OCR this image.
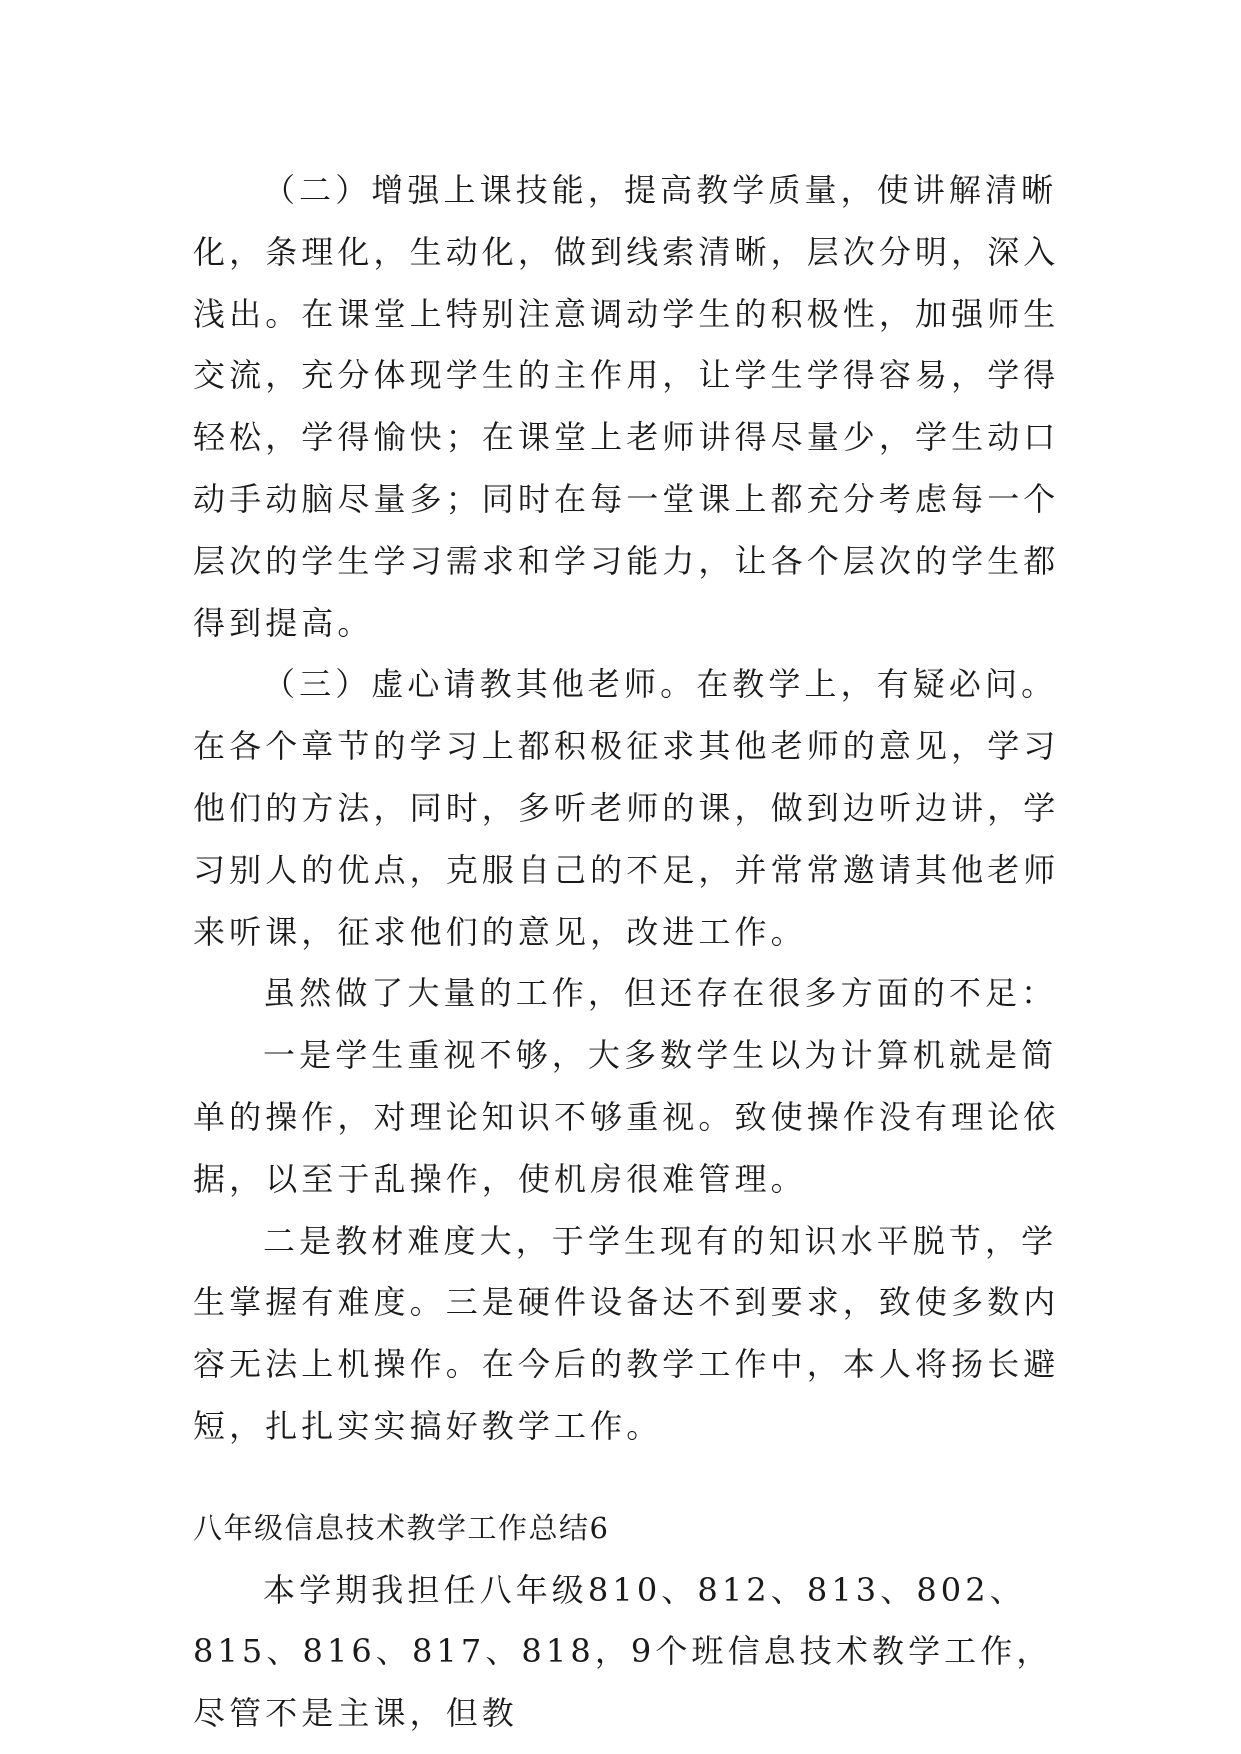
（二）增强上课技能，提高教学质量，使讲解清晰化，条理化，生动化，做到线索清晰，层次分明，深入浅出。在课堂上特别注意调动学生的积极性，加强师生交流，充分体现学生的主作用，让学生学得容易，学得轻松，学得愉快；在课堂上老师讲得尽量少，学生动口动手动脑尽量多；同时在每一堂课上都充分考虑每一个层次的学生学习需求和学习能力，让各个层次的学生都得到提高。

（三）虚心请教其他老师。在教学上，有疑必问。在各个章节的学习上都积极征求其他老师的意见，学习他们的方法，同时，多听老师的课，做到边听边讲，学习别人的优点，克服自己的不足，并常常邀请其他老师来听课，征求他们的意见，改进工作。

虽然做了大量的工作，但还存在很多方面的不足：

一是学生重视不够，大多数学生以为计算机就是简单的操作，对理论知识不够重视。致使操作没有理论依据，以至于乱操作，使机房很难管理。

二是教材难度大，于学生现有的知识水平脱节，学生掌握有难度。三是硬件设备达不到要求，致使多数内容无法上机操作。在今后的教学工作中，本人将扬长避短，扎扎实实搞好教学工作。

八年级信息技术教学工作总结6

本学期我担任八年级810、812、813、802、815、816、817、818，9个班信息技术教学工作，尽管不是主课，但教
